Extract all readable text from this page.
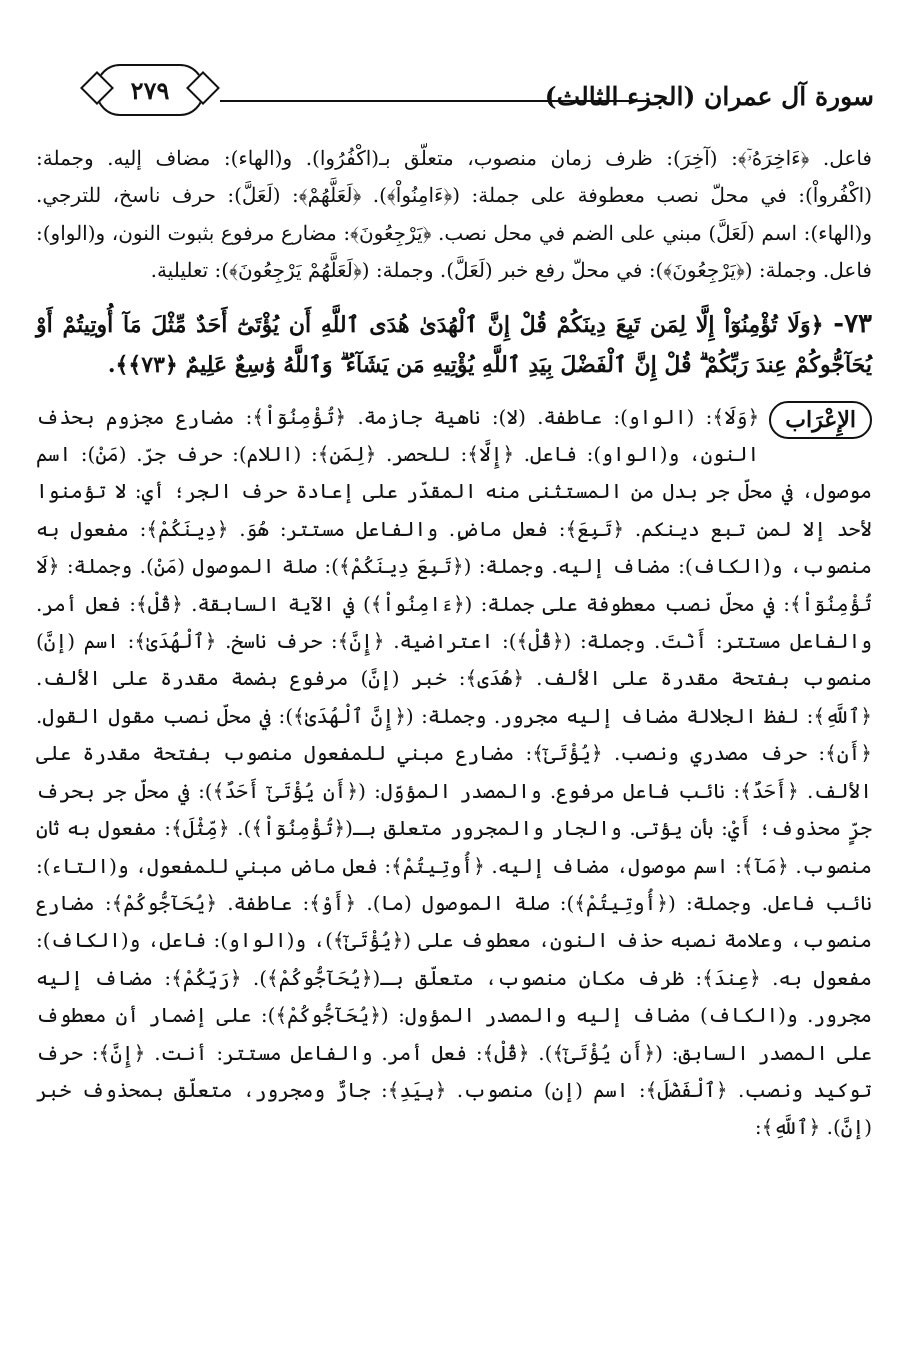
سورة آل عمران (الجزء الثالث)
٢٧٩

فاعل. ﴿ءَاخِرَهُۥٓ﴾: (آخِرَ): ظرف زمان منصوب، متعلّق بـ(اكْفُرُوا). و(الهاء): مضاف إليه. وجملة: (اكْفُرواْ): في محلّ نصب معطوفة على جملة: (﴿ءَامِنُواْ﴾). ﴿لَعَلَّهُمْ﴾: (لَعَلَّ): حرف ناسخ، للترجي. و(الهاء): اسم (لَعَلَّ) مبني على الضم في محل نصب. ﴿يَرْجِعُونَ﴾: مضارع مرفوع بثبوت النون، و(الواو): فاعل. وجملة: (﴿يَرْجِعُونَ﴾): في محلّ رفع خبر (لَعَلَّ). وجملة: (﴿لَعَلَّهُمْ يَرْجِعُونَ﴾): تعليلية.

٧٣- ﴿وَلَا تُؤْمِنُوٓاْ إِلَّا لِمَن تَبِعَ دِينَكُمْ قُلْ إِنَّ ٱلْهُدَىٰ هُدَى ٱللَّهِ أَن يُؤْتَىٰٓ أَحَدٌ مِّثْلَ مَآ أُوتِيتُمْ أَوْ يُحَآجُّوكُمْ عِندَ رَبِّكُمْ ۗ قُلْ إِنَّ ٱلْفَضْلَ بِيَدِ ٱللَّهِ يُؤْتِيهِ مَن يَشَآءُ ۗ وَٱللَّهُ وَٰسِعٌ عَلِيمٌ ﴿٧٣﴾﴾.

الإِعْرَاب
﴿وَلَا﴾: (الواو): عاطفة. (لا): ناهية جازمة. ﴿تُؤْمِنُوٓاْ﴾: مضارع مجزوم بحذف النون، و(الواو): فاعل. ﴿إِلَّا﴾: للحصر. ﴿لِمَن﴾: (اللام): حرف جرّ. (مَنْ): اسم موصول، في محلّ جر بدل من المستثنى منه المقدّر على إعادة حرف الجر؛ أي: لا تؤمنوا لأحد إلا لمن تبع دينكم. ﴿تَبِعَ﴾: فعل ماضٍ. والفاعل مستتر: هُوَ. ﴿دِينَكُمْ﴾: مفعول به منصوب، و(الكاف): مضاف إليه. وجملة: (﴿تَبِعَ دِينَكُمْ﴾): صلة الموصول (مَنْ). وجملة: ﴿لَا تُؤْمِنُوٓاْ﴾: في محلّ نصب معطوفة على جملة: (﴿ءَامِنُواْ﴾) في الآية السابقة. ﴿قُلْ﴾: فعل أمر. والفاعل مستتر: أَنْتَ. وجملة: (﴿قُلْ﴾): اعتراضية. ﴿إِنَّ﴾: حرف ناسخ. ﴿ٱلْهُدَىٰ﴾: اسم (إنَّ) منصوب بفتحة مقدرة على الألف. ﴿هُدَى﴾: خبر (إنَّ) مرفوع بضمة مقدرة على الألف. ﴿ٱللَّهِ﴾: لفظ الجلالة مضاف إليه مجرور. وجملة: (﴿إِنَّ ٱلْهُدَىٰ﴾): في محلّ نصب مقول القول. ﴿أَن﴾: حرف مصدري ونصب. ﴿يُؤْتَىٰٓ﴾: مضارع مبني للمفعول منصوب بفتحة مقدرة على الألف. ﴿أَحَدٌ﴾: نائب فاعل مرفوع. والمصدر المؤوّل: (﴿أَن يُؤْتَىٰٓ أَحَدٌ﴾): في محلّ جر بحرف جرٍّ محذوف؛ أَيْ: بأن يؤتى. والجار والمجرور متعلق بـ(﴿تُؤْمِنُوٓاْ﴾). ﴿مِّثْلَ﴾: مفعول به ثان منصوب. ﴿مَآ﴾: اسم موصول، مضاف إليه. ﴿أُوتِيتُمْ﴾: فعل ماض مبني للمفعول، و(التاء): نائب فاعل. وجملة: (﴿أُوتِيتُمْ﴾): صلة الموصول (ما). ﴿أَوْ﴾: عاطفة. ﴿يُحَآجُّوكُمْ﴾: مضارع منصوب، وعلامة نصبه حذف النون، معطوف على (﴿يُؤْتَىٰٓ﴾)، و(الواو): فاعل، و(الكاف): مفعول به. ﴿عِندَ﴾: ظرف مكان منصوب، متعلّق بـ(﴿يُحَآجُّوكُمْ﴾). ﴿رَبِّكُمْ﴾: مضاف إليه مجرور. و(الكاف) مضاف إليه والمصدر المؤول: (﴿يُحَآجُّوكُمْ﴾): على إضمار أن معطوف على المصدر السابق: (﴿أَن يُؤْتَىٰٓ﴾). ﴿قُلْ﴾: فعل أمر. والفاعل مستتر: أنت. ﴿إِنَّ﴾: حرف توكيد ونصب. ﴿ٱلْفَضْلَ﴾: اسم (إن) منصوب. ﴿بِيَدِ﴾: جارٌّ ومجرور، متعلّق بمحذوف خبر (إنَّ). ﴿ٱللَّهِ﴾:
